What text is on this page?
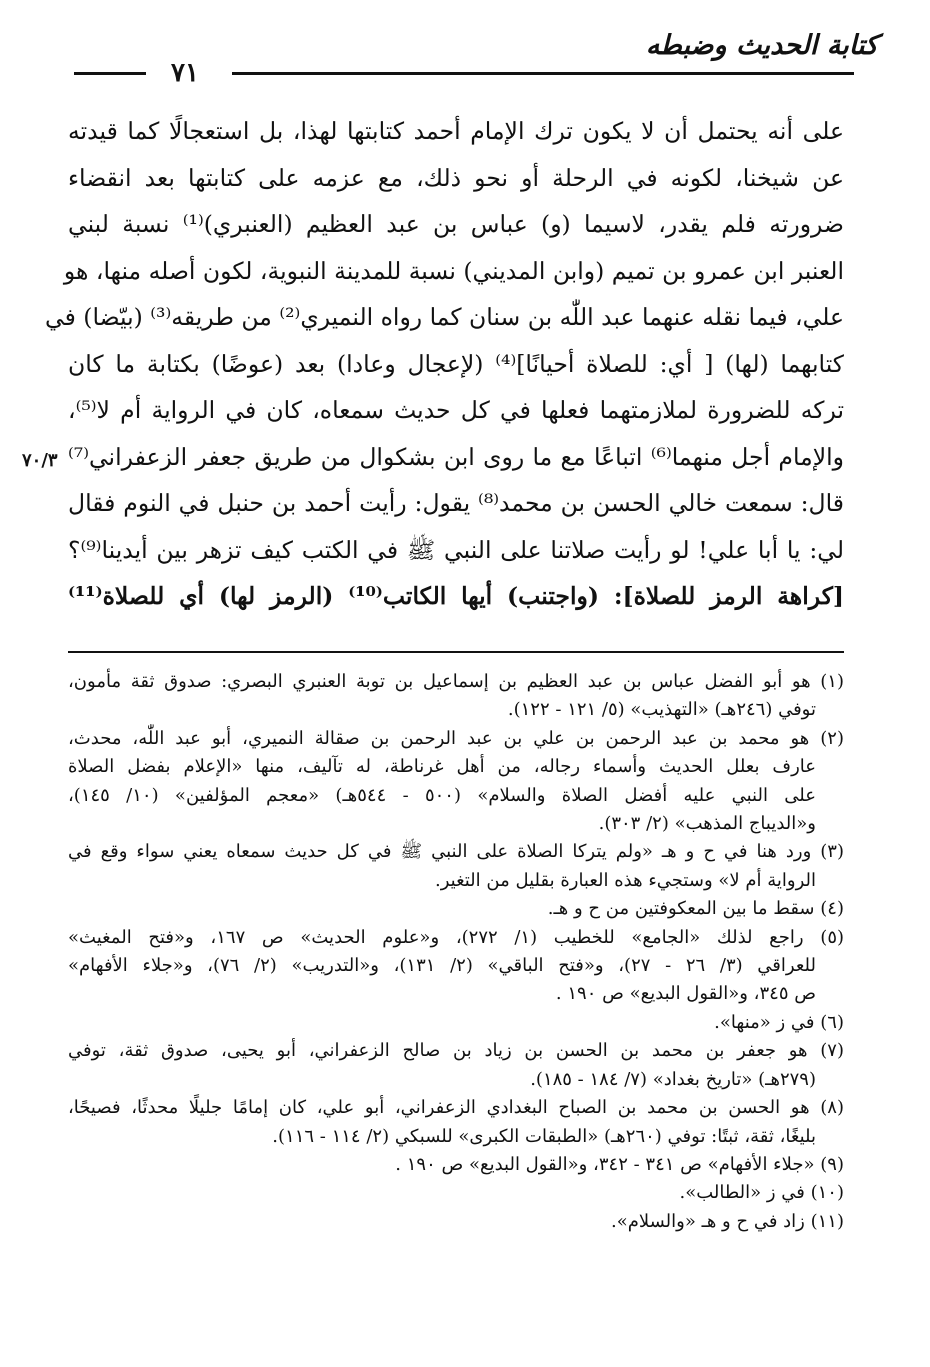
كتابة الحديث وضبطه
٧١
٧٠/٣
على أنه يحتمل أن لا يكون ترك الإمام أحمد كتابتها لهذا، بل استعجالًا كما قيدته
عن شيخنا، لكونه في الرحلة أو نحو ذلك، مع عزمه على كتابتها بعد انقضاء
ضرورته فلم يقدر، لاسيما (و) عباس بن عبد العظيم (العنبري)⁽¹⁾ نسبة لبني
العنبر ابن عمرو بن تميم (وابن المديني) نسبة للمدينة النبوية، لكون أصله منها، هو
علي، فيما نقله عنهما عبد اللّٰه بن سنان كما رواه النميري⁽²⁾ من طريقه⁽³⁾ (بيّضا) في
كتابهما (لها) [ أي: للصلاة أحيانًا]⁽⁴⁾ (لإعجال وعادا) بعد (عوضًا) بكتابة ما كان
تركه للضرورة لملازمتهما فعلها في كل حديث سمعاه، كان في الرواية أم لا⁽⁵⁾،
والإمام أجل منهما⁽⁶⁾ اتباعًا مع ما روى ابن بشكوال من طريق جعفر الزعفراني⁽⁷⁾
قال: سمعت خالي الحسن بن محمد⁽⁸⁾ يقول: رأيت أحمد بن حنبل في النوم فقال
لي: يا أبا علي! لو رأيت صلاتنا على النبي ﷺ في الكتب كيف تزهر بين أيدينا⁽⁹⁾؟
[كراهة الرمز للصلاة]: (واجتنب) أيها الكاتب⁽¹⁰⁾ (الرمز لها) أي للصلاة⁽¹¹⁾
(١) هو أبو الفضل عباس بن عبد العظيم بن إسماعيل بن توبة العنبري البصري: صدوق ثقة مأمون،
توفي (٢٤٦هـ) «التهذيب» (٥/ ١٢١ - ١٢٢).
(٢) هو محمد بن عبد الرحمن بن علي بن عبد الرحمن بن صقالة النميري، أبو عبد اللّٰه، محدث،
عارف بعلل الحديث وأسماء رجاله، من أهل غرناطة، له تآليف، منها «الإعلام بفضل الصلاة
على النبي عليه أفضل الصلاة والسلام» (٥٠٠ - ٥٤٤هـ) «معجم المؤلفين» (١٠/ ١٤٥)،
و«الديباج المذهب» (٢/ ٣٠٣).
(٣) ورد هنا في ح و هـ «ولم يتركا الصلاة على النبي ﷺ في كل حديث سمعاه يعني سواء وقع في
الرواية أم لا» وستجيء هذه العبارة بقليل من التغير.
(٤) سقط ما بين المعكوفتين من ح و هـ.
(٥) راجع لذلك «الجامع» للخطيب (١/ ٢٧٢)، و«علوم الحديث» ص ١٦٧، و«فتح المغيث»
للعراقي (٣/ ٢٦ - ٢٧)، و«فتح الباقي» (٢/ ١٣١)، و«التدريب» (٢/ ٧٦)، و«جلاء الأفهام»
ص ٣٤٥، و«القول البديع» ص ١٩٠ .
(٦) في ز «منها».
(٧) هو جعفر بن محمد بن الحسن بن زياد بن صالح الزعفراني، أبو يحيى، صدوق ثقة، توفي
(٢٧٩هـ) «تاريخ بغداد» (٧/ ١٨٤ - ١٨٥).
(٨) هو الحسن بن محمد بن الصباح البغدادي الزعفراني، أبو علي، كان إمامًا جليلًا محدثًا، فصيحًا،
بليغًا، ثقة، ثبتًا: توفي (٢٦٠هـ) «الطبقات الكبرى» للسبكي (٢/ ١١٤ - ١١٦).
(٩) «جلاء الأفهام» ص ٣٤١ - ٣٤٢، و«القول البديع» ص ١٩٠ .
(١٠) في ز «الطالب».
(١١) زاد في ح و هـ «والسلام».
